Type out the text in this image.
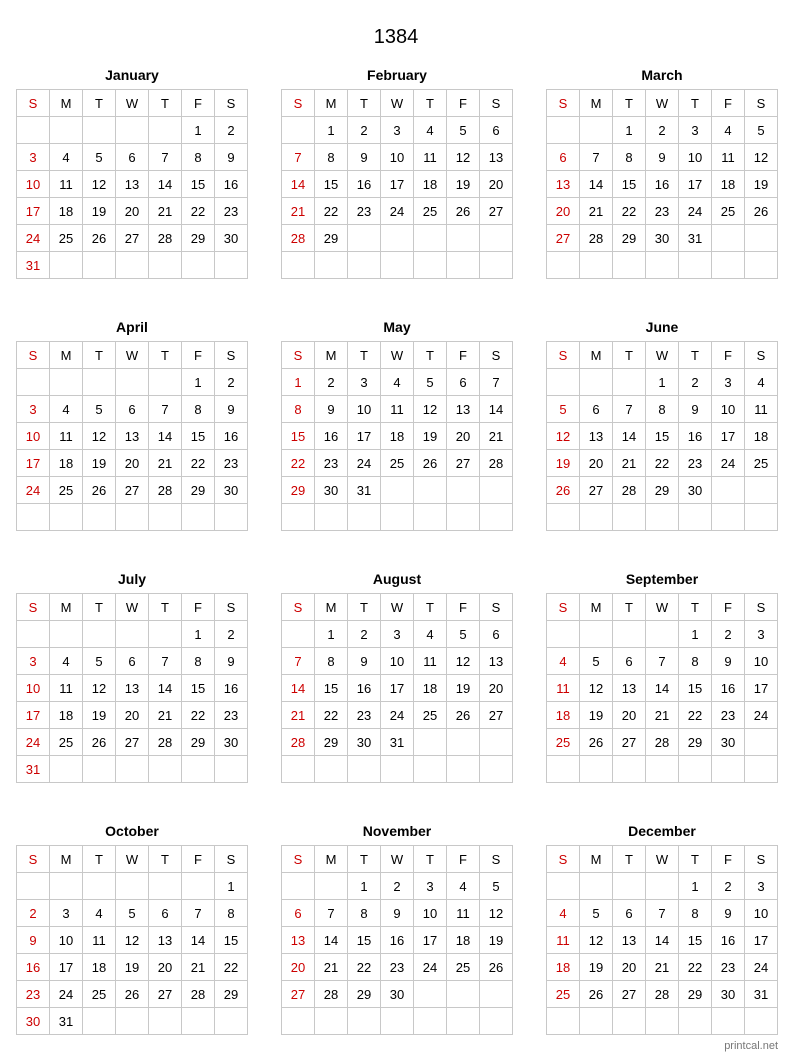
1384
January
S	M	T	W	T	F	S
					1	2
3	4	5	6	7	8	9
10	11	12	13	14	15	16
17	18	19	20	21	22	23
24	25	26	27	28	29	30
31						
February
S	M	T	W	T	F	S
	1	2	3	4	5	6
7	8	9	10	11	12	13
14	15	16	17	18	19	20
21	22	23	24	25	26	27
28	29					

March
S	M	T	W	T	F	S
		1	2	3	4	5
6	7	8	9	10	11	12
13	14	15	16	17	18	19
20	21	22	23	24	25	26
27	28	29	30	31		

April
S	M	T	W	T	F	S
					1	2
3	4	5	6	7	8	9
10	11	12	13	14	15	16
17	18	19	20	21	22	23
24	25	26	27	28	29	30

May
S	M	T	W	T	F	S
1	2	3	4	5	6	7
8	9	10	11	12	13	14
15	16	17	18	19	20	21
22	23	24	25	26	27	28
29	30	31				

June
S	M	T	W	T	F	S
			1	2	3	4
5	6	7	8	9	10	11
12	13	14	15	16	17	18
19	20	21	22	23	24	25
26	27	28	29	30		

July
S	M	T	W	T	F	S
					1	2
3	4	5	6	7	8	9
10	11	12	13	14	15	16
17	18	19	20	21	22	23
24	25	26	27	28	29	30
31						
August
S	M	T	W	T	F	S
	1	2	3	4	5	6
7	8	9	10	11	12	13
14	15	16	17	18	19	20
21	22	23	24	25	26	27
28	29	30	31			

September
S	M	T	W	T	F	S
				1	2	3
4	5	6	7	8	9	10
11	12	13	14	15	16	17
18	19	20	21	22	23	24
25	26	27	28	29	30	

October
S	M	T	W	T	F	S
						1
2	3	4	5	6	7	8
9	10	11	12	13	14	15
16	17	18	19	20	21	22
23	24	25	26	27	28	29
30	31					
November
S	M	T	W	T	F	S
		1	2	3	4	5
6	7	8	9	10	11	12
13	14	15	16	17	18	19
20	21	22	23	24	25	26
27	28	29	30			

December
S	M	T	W	T	F	S
				1	2	3
4	5	6	7	8	9	10
11	12	13	14	15	16	17
18	19	20	21	22	23	24
25	26	27	28	29	30	31

printcal.net
